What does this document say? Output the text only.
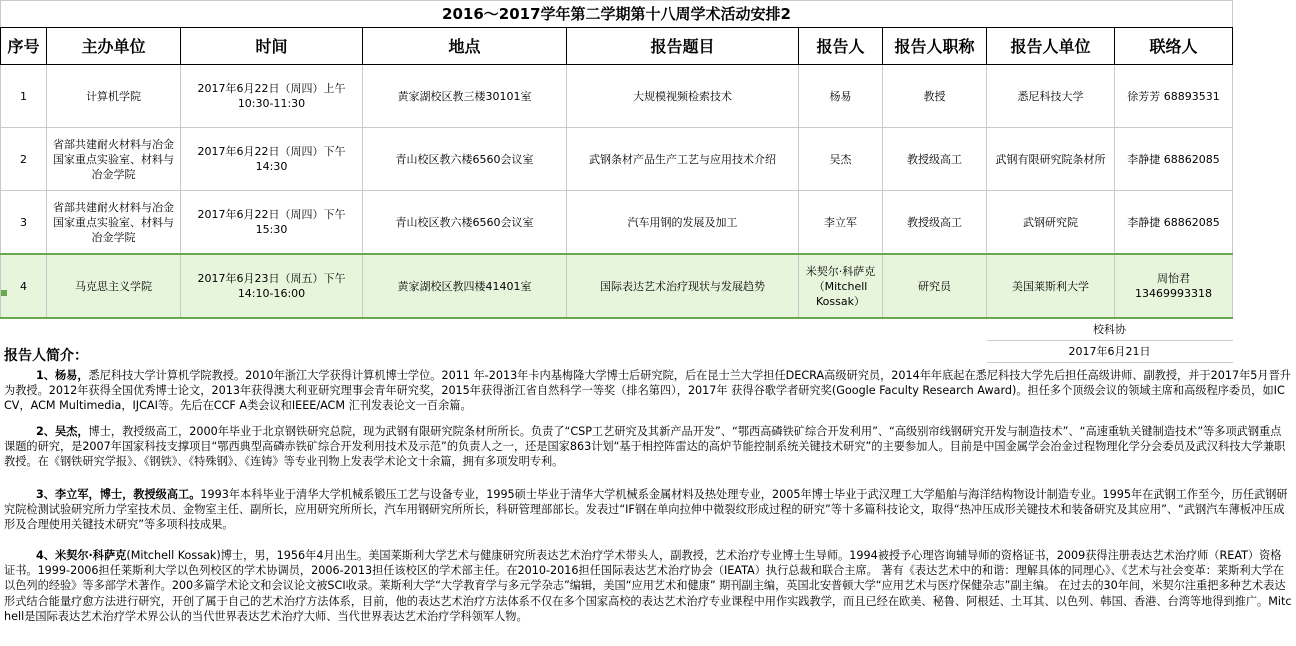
2016～2017学年第二学期第十八周学术活动安排2								
序号	主办单位	时间	地点	报告题目	报告人	报告人职称	报告人单位	联络人
1	计算机学院	2017年6月22日（周四）上午10:30-11:30	黄家湖校区教三楼30101室	大规模视频检索技术	杨易	教授	悉尼科技大学	徐芳芳 68893531
2	省部共建耐火材料与冶金国家重点实验室、材料与冶金学院	2017年6月22日（周四）下午14:30	青山校区教六楼6560会议室	武钢条材产品生产工艺与应用技术介绍	吴杰	教授级高工	武钢有限研究院条材所	李静捷 68862085
3	省部共建耐火材料与冶金国家重点实验室、材料与冶金学院	2017年6月22日（周四）下午15:30	青山校区教六楼6560会议室	汽车用钢的发展及加工	李立军	教授级高工	武钢研究院	李静捷 68862085
4	马克思主义学院	2017年6月23日（周五）下午14:10-16:00	黄家湖校区教四楼41401室	国际表达艺术治疗现状与发展趋势	米契尔·科萨克（Mitchell Kossak）	研究员	美国莱斯利大学	周怡君 13469993318
							校科协	
							2017年6月21日	
报告人简介：
1、杨易，悉尼科技大学计算机学院教授。2010年浙江大学获得计算机博士学位。2011 年-2013年卡内基梅隆大学博士后研究院，后在昆士兰大学担任DECRA高级研究员，2014年年底起在悉尼科技大学先后担任高级讲师、副教授，并于2017年5月晋升为教授。2012年获得全国优秀博士论文，2013年获得澳大利亚研究理事会青年研究奖，2015年获得浙江省自然科学一等奖（排名第四），2017年 获得谷歌学者研究奖(Google Faculty Research Award)。担任多个顶级会议的领域主席和高级程序委员，如ICCV，ACM Multimedia，IJCAI等。先后在CCF A类会议和IEEE/ACM 汇刊发表论文一百余篇。
2、吴杰，博士，教授级高工，2000年毕业于北京钢铁研究总院，现为武钢有限研究院条材所所长。负责了“CSP工艺研究及其新产品开发”、“鄂西高磷铁矿综合开发利用”、“高级别帘线钢研究开发与制造技术”、“高速重轨关键制造技术”等多项武钢重点课题的研究，是2007年国家科技支撑项目“鄂西典型高磷赤铁矿综合开发利用技术及示范”的负责人之一，还是国家863计划“基于相控阵雷达的高炉节能控制系统关键技术研究”的主要参加人。目前是中国金属学会冶金过程物理化学分会委员及武汉科技大学兼职教授。在《钢铁研究学报》、《钢铁》、《特殊钢》、《连铸》等专业刊物上发表学术论文十余篇，拥有多项发明专利。
3、李立军，博士，教授级高工。1993年本科毕业于清华大学机械系锻压工艺与设备专业，1995硕士毕业于清华大学机械系金属材料及热处理专业，2005年博士毕业于武汉理工大学船舶与海洋结构物设计制造专业。1995年在武钢工作至今，历任武钢研究院检测试验研究所力学室技术员、金物室主任、副所长，应用研究所所长，汽车用钢研究所所长，科研管理部部长。发表过“IF钢在单向拉伸中微裂纹形成过程的研究”等十多篇科技论文，取得“热冲压成形关键技术和装备研究及其应用”、“武钢汽车薄板冲压成形及合理使用关键技术研究”等多项科技成果。
4、米契尔·科萨克(Mitchell Kossak)博士，男，1956年4月出生。美国莱斯利大学艺术与健康研究所表达艺术治疗学术带头人，副教授，艺术治疗专业博士生导师。1994被授予心理咨询辅导师的资格证书，2009获得注册表达艺术治疗师（REAT）资格证书。1999-2006担任莱斯利大学以色列校区的学术协调员，2006-2013担任该校区的学术部主任。在2010-2016担任国际表达艺术治疗协会（IEATA）执行总裁和联合主席。 著有《表达艺术中的和谐：理解具体的同理心》、《艺术与社会变革：莱斯利大学在以色列的经验》等多部学术著作。200多篇学术论文和会议论文被SCI收录。莱斯利大学“大学教育学与多元学杂志”编辑，美国“应用艺术和健康” 期刊副主编，英国北安普顿大学“应用艺术与医疗保健杂志”副主编。 在过去的30年间，米契尔注重把多种艺术表达形式结合能量疗愈方法进行研究，开创了属于自己的艺术治疗方法体系，目前，他的表达艺术治疗方法体系不仅在多个国家高校的表达艺术治疗专业课程中用作实践教学，而且已经在欧美、秘鲁、阿根廷、土耳其、以色列、韩国、香港、台湾等地得到推广。Mitchell是国际表达艺术治疗学术界公认的当代世界表达艺术治疗大师、当代世界表达艺术治疗学科领军人物。
